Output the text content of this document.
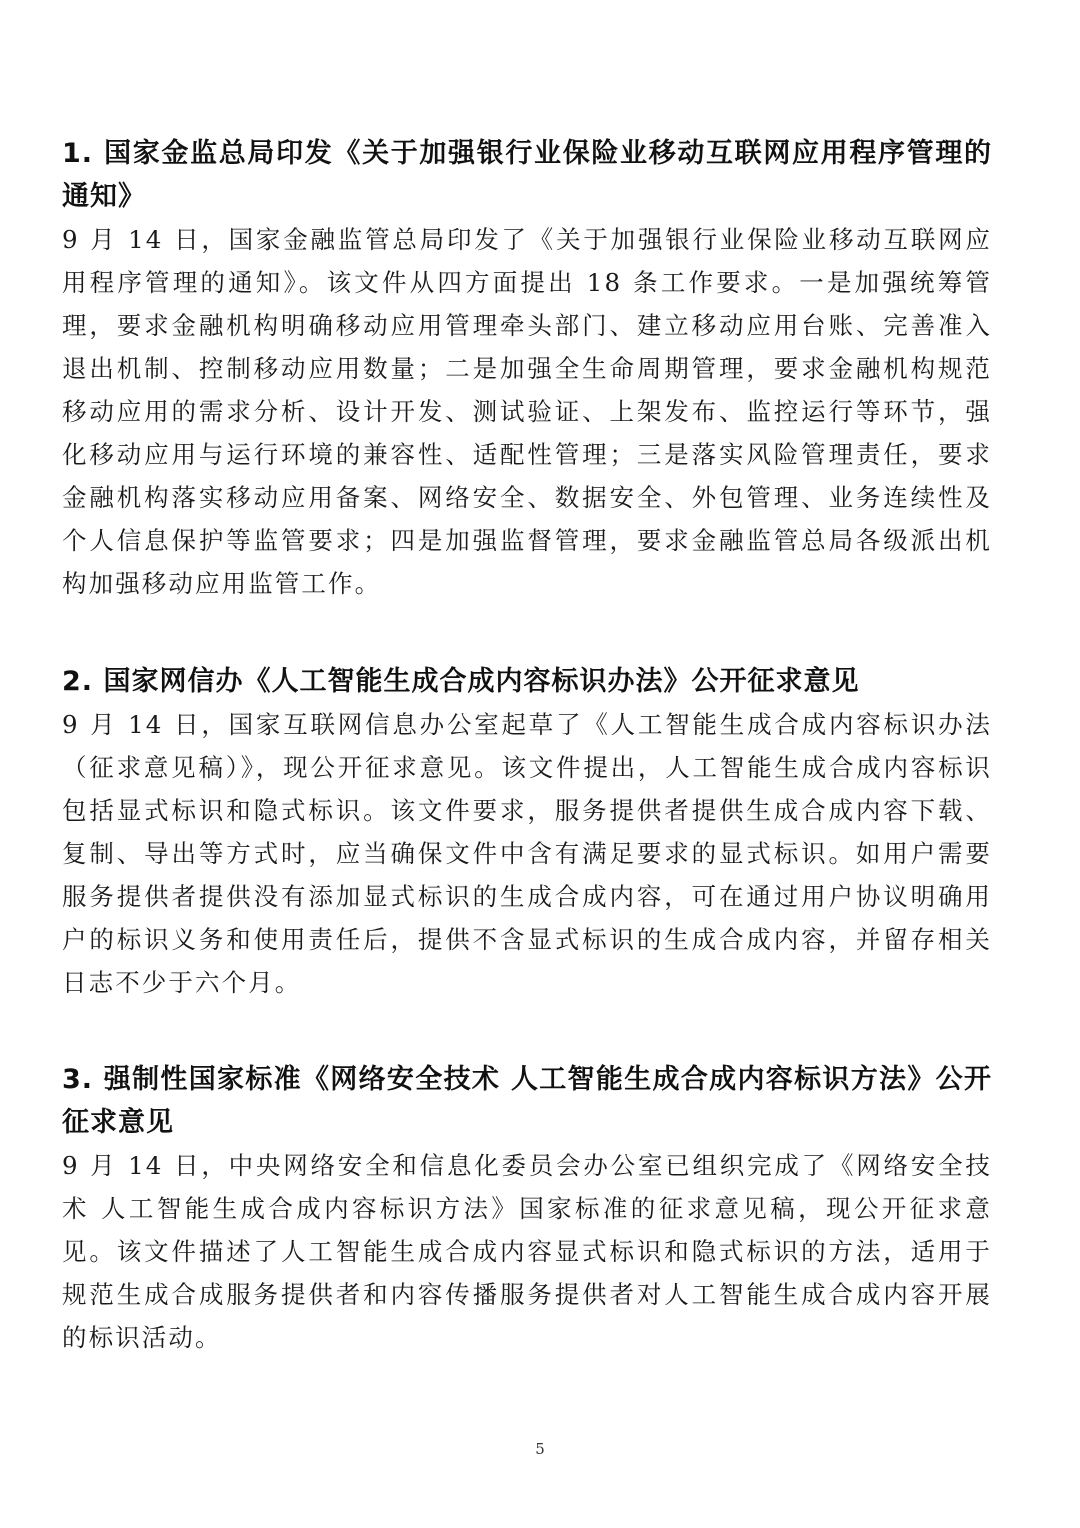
1. 国家金监总局印发《关于加强银行业保险业移动互联网应用程序管理的通知》

9 月 14 日，国家金融监管总局印发了《关于加强银行业保险业移动互联网应用程序管理的通知》。该文件从四方面提出 18 条工作要求。一是加强统筹管理，要求金融机构明确移动应用管理牵头部门、建立移动应用台账、完善准入退出机制、控制移动应用数量；二是加强全生命周期管理，要求金融机构规范移动应用的需求分析、设计开发、测试验证、上架发布、监控运行等环节，强化移动应用与运行环境的兼容性、适配性管理；三是落实风险管理责任，要求金融机构落实移动应用备案、网络安全、数据安全、外包管理、业务连续性及个人信息保护等监管要求；四是加强监督管理，要求金融监管总局各级派出机构加强移动应用监管工作。

2. 国家网信办《人工智能生成合成内容标识办法》公开征求意见

9 月 14 日，国家互联网信息办公室起草了《人工智能生成合成内容标识办法（征求意见稿）》，现公开征求意见。该文件提出，人工智能生成合成内容标识包括显式标识和隐式标识。该文件要求，服务提供者提供生成合成内容下载、复制、导出等方式时，应当确保文件中含有满足要求的显式标识。如用户需要服务提供者提供没有添加显式标识的生成合成内容，可在通过用户协议明确用户的标识义务和使用责任后，提供不含显式标识的生成合成内容，并留存相关日志不少于六个月。

3. 强制性国家标准《网络安全技术 人工智能生成合成内容标识方法》公开征求意见

9 月 14 日，中央网络安全和信息化委员会办公室已组织完成了《网络安全技术 人工智能生成合成内容标识方法》国家标准的征求意见稿，现公开征求意见。该文件描述了人工智能生成合成内容显式标识和隐式标识的方法，适用于规范生成合成服务提供者和内容传播服务提供者对人工智能生成合成内容开展的标识活动。

5
